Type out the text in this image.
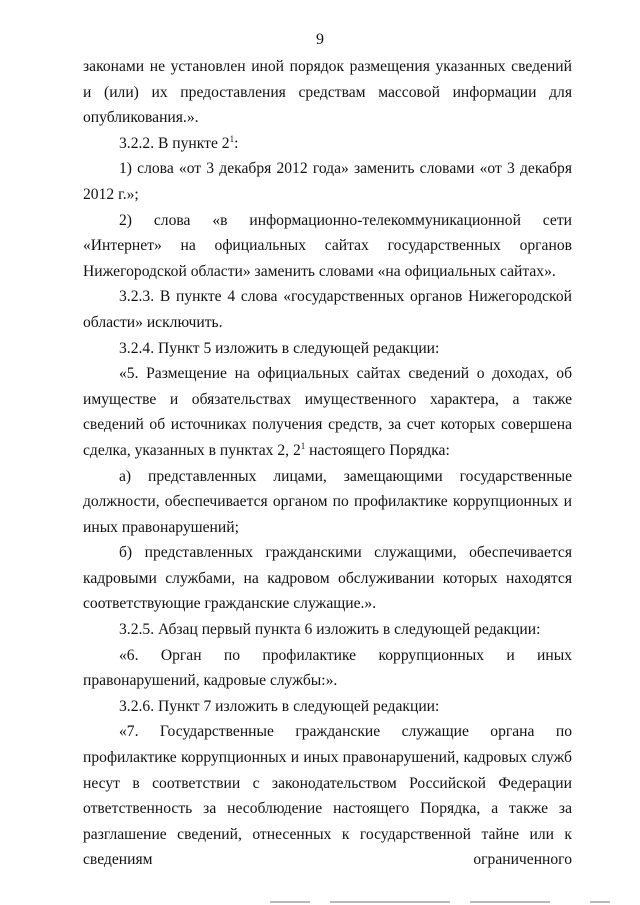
9

законами не установлен иной порядок размещения указанных сведений и (или) их предоставления средствам массовой информации для опубликования.».

3.2.2. В пункте $2^1$:

1) слова «от 3 декабря 2012 года» заменить словами «от 3 декабря 2012 г.»;

2) слова «в информационно-телекоммуникационной сети «Интернет» на официальных сайтах государственных органов Нижегородской области» заменить словами «на официальных сайтах».

3.2.3. В пункте 4 слова «государственных органов Нижегородской области» исключить.

3.2.4. Пункт 5 изложить в следующей редакции:

«5. Размещение на официальных сайтах сведений о доходах, об имуществе и обязательствах имущественного характера, а также сведений об источниках получения средств, за счет которых совершена сделка, указанных в пунктах 2, $2^1$ настоящего Порядка:

а) представленных лицами, замещающими государственные должности, обеспечивается органом по профилактике коррупционных и иных правонарушений;

б) представленных гражданскими служащими, обеспечивается кадровыми службами, на кадровом обслуживании которых находятся соответствующие гражданские служащие.».

3.2.5. Абзац первый пункта 6 изложить в следующей редакции:

«6. Орган по профилактике коррупционных и иных правонарушений, кадровые службы:».

3.2.6. Пункт 7 изложить в следующей редакции:

«7. Государственные гражданские служащие органа по профилактике коррупционных и иных правонарушений, кадровых служб несут в соответствии с законодательством Российской Федерации ответственность за несоблюдение настоящего Порядка, а также за разглашение сведений, отнесенных к государственной тайне или к сведениям ограниченного
